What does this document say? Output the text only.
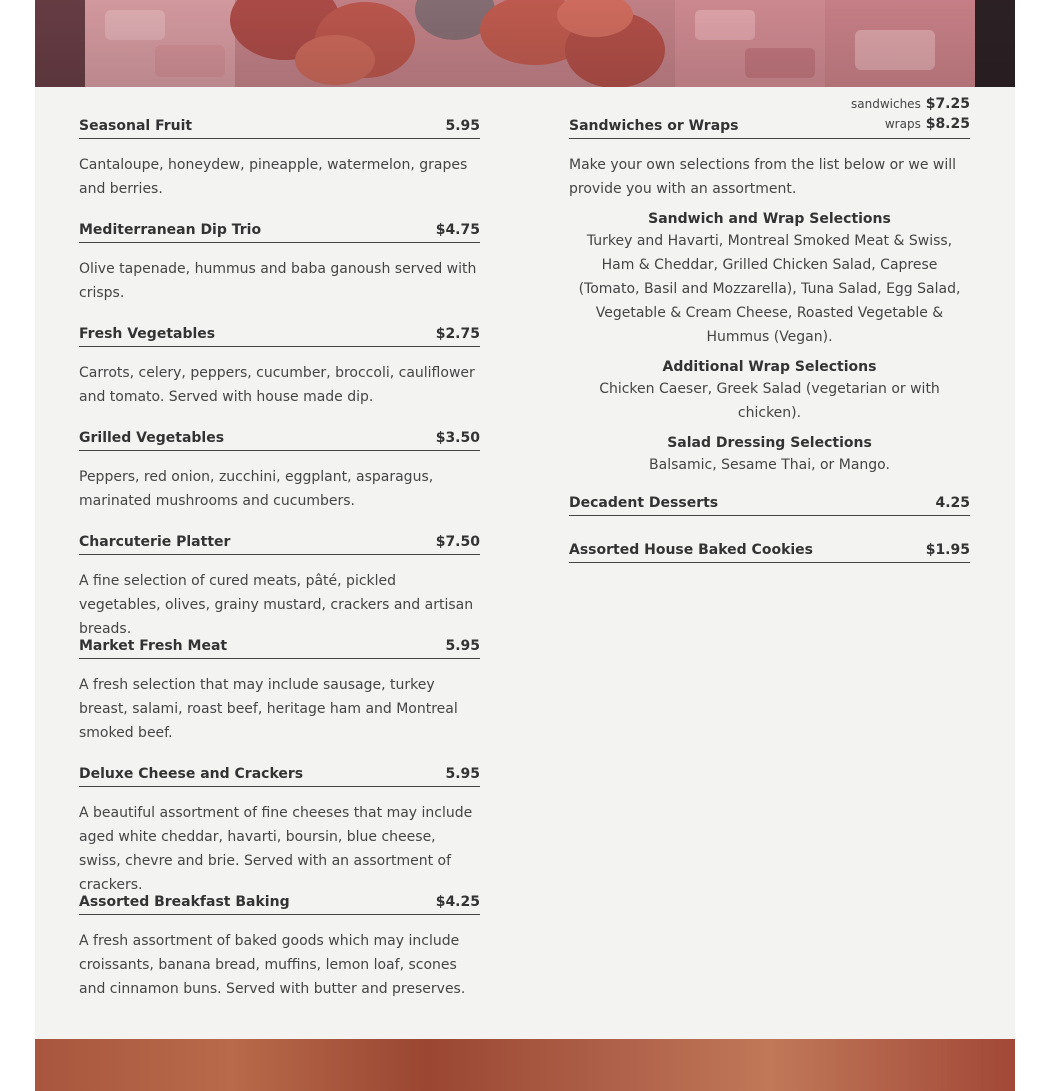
Seasonal Fruit	5.95
Cantaloupe, honeydew, pineapple, watermelon, grapes and berries.
Mediterranean Dip Trio	$4.75
Olive tapenade, hummus and baba ganoush served with crisps.
Fresh Vegetables	$2.75
Carrots, celery, peppers, cucumber, broccoli, cauliflower and tomato. Served with house made dip.
Grilled Vegetables	$3.50
Peppers, red onion, zucchini, eggplant, asparagus, marinated mushrooms and cucumbers.
Charcuterie Platter	$7.50
A fine selection of cured meats, pâté, pickled vegetables, olives, grainy mustard, crackers and artisan breads.
Market Fresh Meat	5.95
A fresh selection that may include sausage, turkey breast, salami, roast beef, heritage ham and Montreal smoked beef.
Deluxe Cheese and Crackers	5.95
A beautiful assortment of fine cheeses that may include aged white cheddar, havarti, boursin, blue cheese, swiss, chevre and brie. Served with an assortment of crackers.
Assorted Breakfast Baking	$4.25
A fresh assortment of baked goods which may include croissants, banana bread, muffins, lemon loaf, scones and cinnamon buns. Served with butter and preserves.
Sandwiches or Wraps
sandwiches $7.25
wraps $8.25
Make your own selections from the list below or we will provide you with an assortment.
Sandwich and Wrap Selections
Turkey and Havarti, Montreal Smoked Meat & Swiss, Ham & Cheddar, Grilled Chicken Salad, Caprese (Tomato, Basil and Mozzarella), Tuna Salad, Egg Salad, Vegetable & Cream Cheese, Roasted Vegetable & Hummus (Vegan).
Additional Wrap Selections
Chicken Caeser, Greek Salad (vegetarian or with chicken).
Salad Dressing Selections
Balsamic, Sesame Thai, or Mango.
Decadent Desserts	4.25
Assorted House Baked Cookies	$1.95
